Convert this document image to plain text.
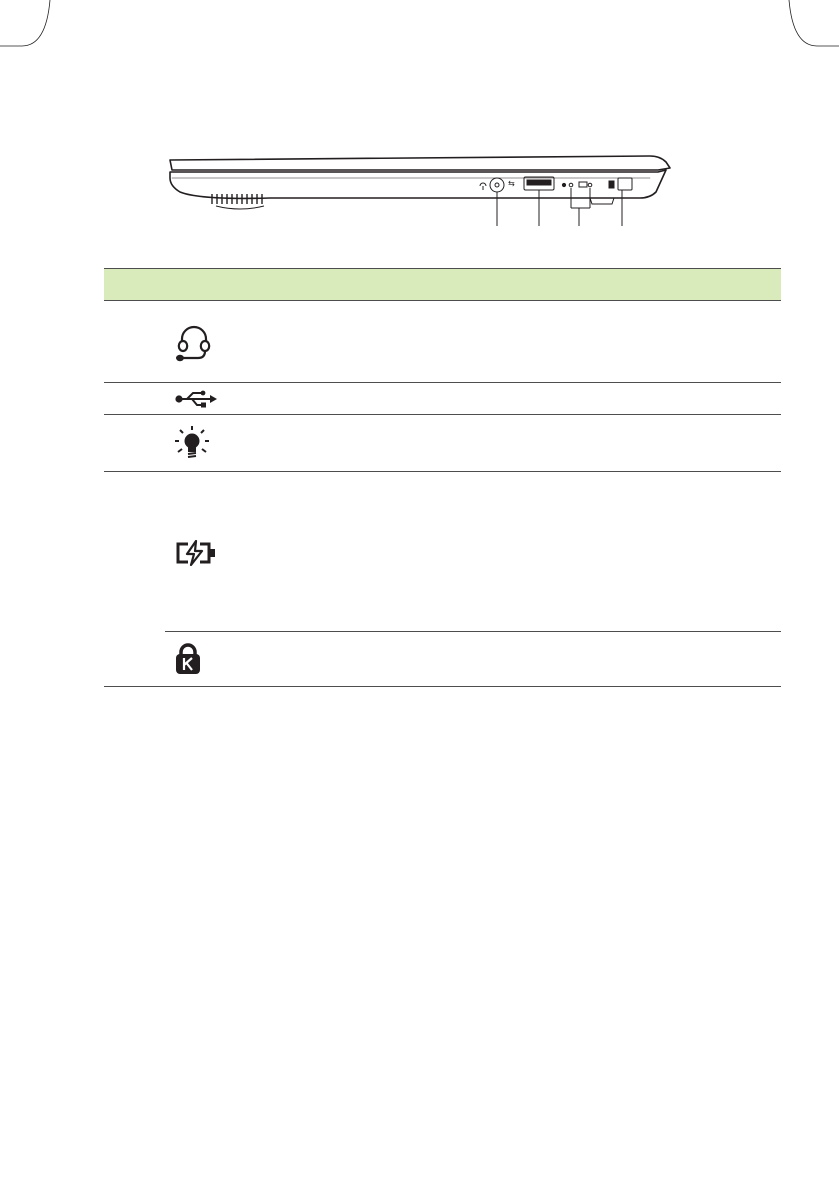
⇆
